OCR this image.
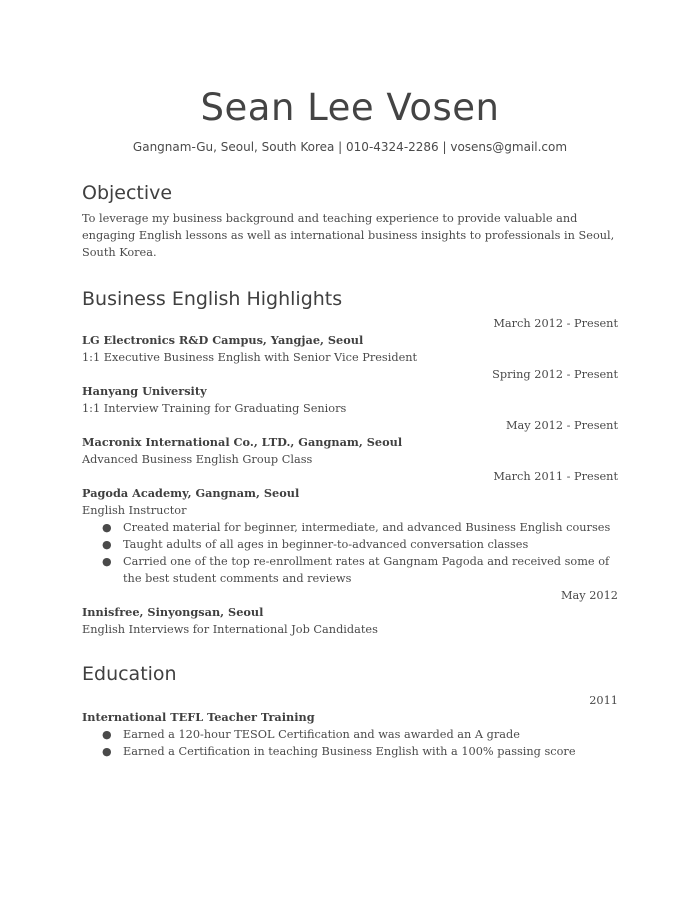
Sean Lee Vosen
Gangnam-Gu, Seoul, South Korea | 010-4324-2286 | vosens@gmail.com
Objective
To leverage my business background and teaching experience to provide valuable and engaging English lessons as well as international business insights to professionals in Seoul, South Korea.
Business English Highlights
March 2012 - Present
LG Electronics R&D Campus, Yangjae, Seoul
1:1 Executive Business English with Senior Vice President
Spring 2012 - Present
Hanyang University
1:1 Interview Training for Graduating Seniors
May 2012 - Present
Macronix International Co., LTD., Gangnam, Seoul
Advanced Business English Group Class
March 2011 - Present
Pagoda Academy, Gangnam, Seoul
English Instructor
● Created material for beginner, intermediate, and advanced Business English courses
● Taught adults of all ages in beginner-to-advanced conversation classes
● Carried one of the top re-enrollment rates at Gangnam Pagoda and received some of the best student comments and reviews
May 2012
Innisfree, Sinyongsan, Seoul
English Interviews for International Job Candidates
Education
2011
International TEFL Teacher Training
● Earned a 120-hour TESOL Certification and was awarded an A grade
● Earned a Certification in teaching Business English with a 100% passing score
